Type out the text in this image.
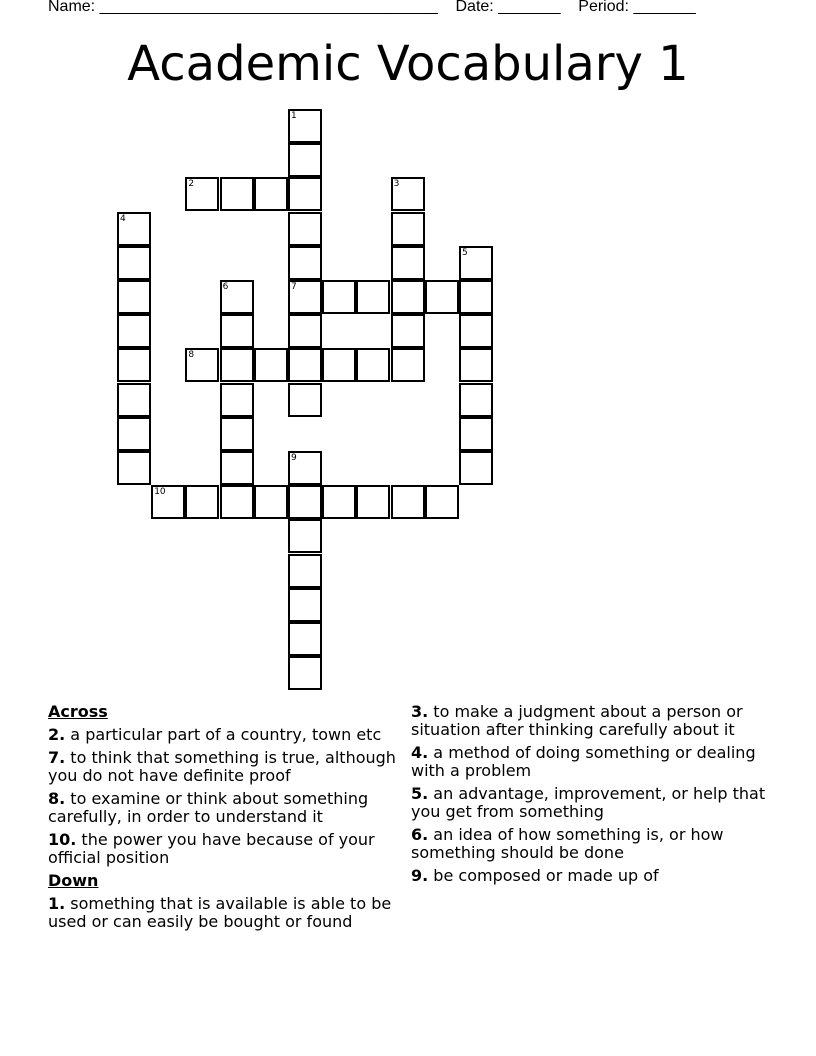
Name: ______________________________________ Date: _______ Period: _______
Academic Vocabulary 1
1
7
2	3
4
5
6
8
9
10
Across
2. a particular part of a country, town etc
7. to think that something is true, although you do not have definite proof
8. to examine or think about something carefully, in order to understand it
10. the power you have because of your official position
Down
1. something that is available is able to be used or can easily be bought or found
3. to make a judgment about a person or situation after thinking carefully about it
4. a method of doing something or dealing with a problem
5. an advantage, improvement, or help that you get from something
6. an idea of how something is, or how something should be done
9. be composed or made up of
